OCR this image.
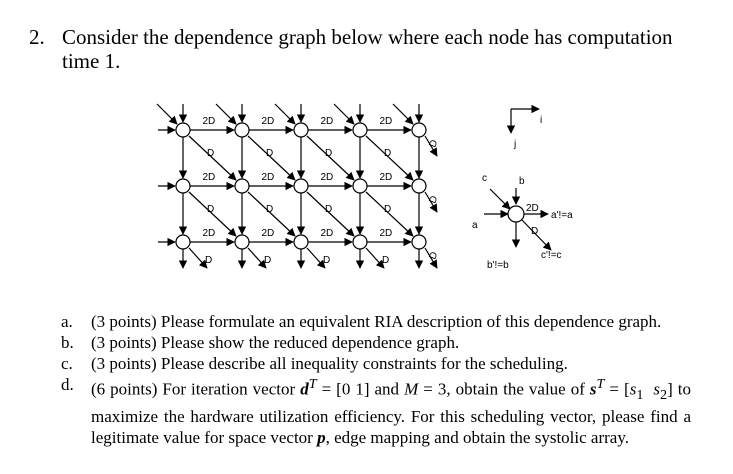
2. Consider the dependence graph below where each node has computation time 1.
2D	2D	2D	2D
D	D	D	D
D
2D	2D	2D	2D
D	D	D	D
D
2D	2D	2D	2D
D	D	D	D	D
i
j
c	b
a
2D
D
a'!=a
b'!=b
c'!=c
a. (3 points) Please formulate an equivalent RIA description of this dependence graph.
b. (3 points) Please show the reduced dependence graph.
c. (3 points) Please describe all inequality constraints for the scheduling.
d. (6 points) For iteration vector $d^T = [0$ 1] and M = 3, obtain the value of $s^T = [s_1$ $s_2$] to maximize the hardware utilization efficiency. For this scheduling vector, please find a legitimate value for space vector p, edge mapping and obtain the systolic array.
